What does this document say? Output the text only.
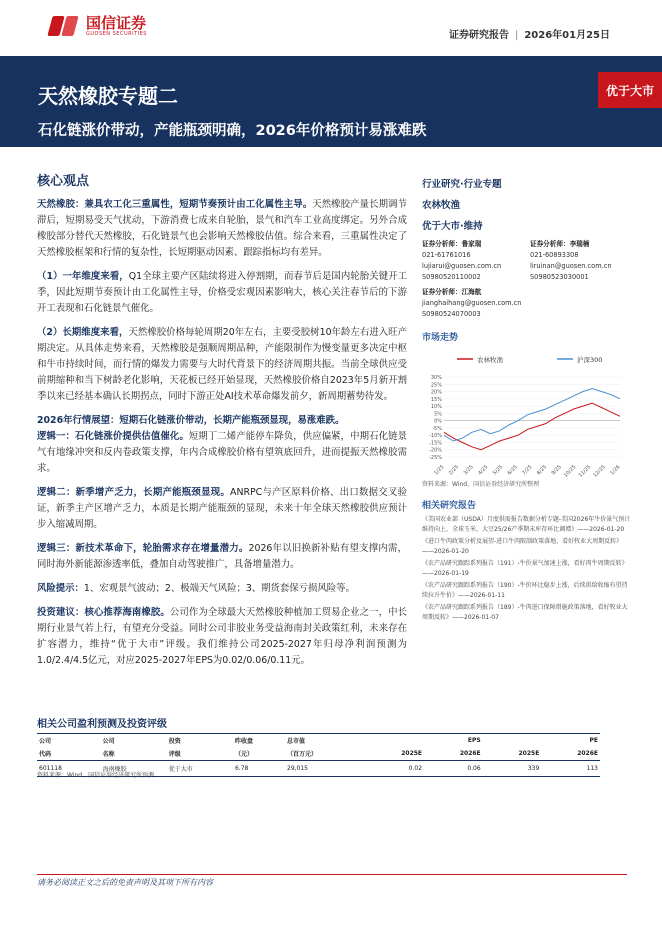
国信证券
GUOSEN SECURITIES	证券研究报告 | 2026年01月25日
天然橡胶专题二
石化链涨价带动，产能瓶颈明确，2026年价格预计易涨难跌
优于大市
核心观点

天然橡胶：兼具农工化三重属性，短期节奏预计由工化属性主导。天然橡胶产量长期调节滞后，短期易受天气扰动，下游消费七成来自轮胎，景气和汽车工业高度绑定。另外合成橡胶部分替代天然橡胶，石化链景气也会影响天然橡胶估值。综合来看，三重属性决定了天然橡胶框架和行情的复杂性，长短期驱动因素、跟踪指标均有差异。

（1）一年维度来看，Q1全球主要产区陆续将进入停割期，而春节后是国内轮胎关键开工季，因此短期节奏预计由工化属性主导，价格受宏观因素影响大，核心关注春节后的下游开工表现和石化链景气催化。

（2）长期维度来看，天然橡胶价格每轮周期20年左右，主要受胶树10年龄左右进入旺产期决定。从具体走势来看，天然橡胶是强顺周期品种，产能限制作为慢变量更多决定中枢和牛市持续时间，而行情的爆发力需要与大时代背景下的经济周期共振。当前全球供应受前期缩种和当下树龄老化影响，天花板已经开始显现，天然橡胶价格自2023年5月新开割季以来已经基本确认长期拐点，同时下游正处AI技术革命爆发前夕，新周期蓄势待发。

2026年行情展望：短期石化链涨价带动，长期产能瓶颈显现，易涨难跌。
逻辑一：石化链涨价提供估值催化。短期丁二烯产能停车降负，供应偏紧，中期石化链景气有地缘冲突和反内卷政策支撑，年内合成橡胶价格有望筑底回升，进而提振天然橡胶需求。

逻辑二：新季增产乏力，长期产能瓶颈显现。ANRPC与产区原料价格、出口数据交叉验证，新季主产区增产乏力，本质是长期产能瓶颈的显现，未来十年全球天然橡胶供应预计步入缩减周期。

逻辑三：新技术革命下，轮胎需求存在增量潜力。2026年以旧换新补贴有望支撑内需，同时海外新能源渗透率低，叠加自动驾驶推广，具备增量潜力。

风险提示：1、宏观景气波动；2、极端天气风险；3、期货套保亏损风险等。

投资建议：核心推荐海南橡胶。公司作为全球最大天然橡胶种植加工贸易企业之一，中长期行业景气若上行，有望充分受益。同时公司非胶业务受益海南封关政策红利，未来存在扩容潜力，维持“优于大市”评级。我们维持公司2025-2027年归母净利润预测为1.0/2.4/4.5亿元，对应2025-2027年EPS为0.02/0.06/0.11元。

行业研究·行业专题
农林牧渔
优于大市·维持
证券分析师：鲁家瑞
021-61761016
lujiarui@guosen.com.cn
S0980520110002
证券分析师：李瑞楠
021-60893308
liruinan@guosen.com.cn
S0980523030001
证券分析师：江海航
jianghaihang@guosen.com.cn
S0980524070003
市场走势
农林牧渔	沪深300
30%
25%
20%
15%
10%
5%
0%
-5%
-10%
-15%
-20%
-25%
1/25 2/25 3/25 4/25 5/25 6/25 7/25 8/25 9/25 10/25 11/25 12/25 1/26
资料来源：Wind、国信证券经济研究所整理
相关研究报告
《美国农业部（USDA）月度供需报告数据分析专题-美国2026年牛价景气预计维持向上，全球玉米、大豆25/26产季期末库存环比调增》——2026-01-20
《进口牛肉政策分析及展望-进口牛肉限制政策落地，看好牧业大周期反转》——2026-01-20
《农产品研究跟踪系列报告（191）-牛价景气加速上涨，看好肉牛周期反转》——2026-01-19
《农产品研究跟踪系列报告（190）-牛价环比稳步上涨，后续供给收缩有望持续拉升牛价》——2026-01-11
《农产品研究跟踪系列报告（189）-牛肉进口保障措施政策落地，看好牧业大周期反转》——2026-01-07
相关公司盈利预测及投资评级
公司	公司	投资	昨收盘	总市值	EPS		PE	
代码	名称	评级	（元）	（百万元）	2025E	2026E	2025E	2026E
601118	海南橡胶	优于大市	6.78	29,015	0.02	0.06	339	113
资料来源：Wind、国信证券经济研究所预测
请务必阅读正文之后的免责声明及其项下所有内容
